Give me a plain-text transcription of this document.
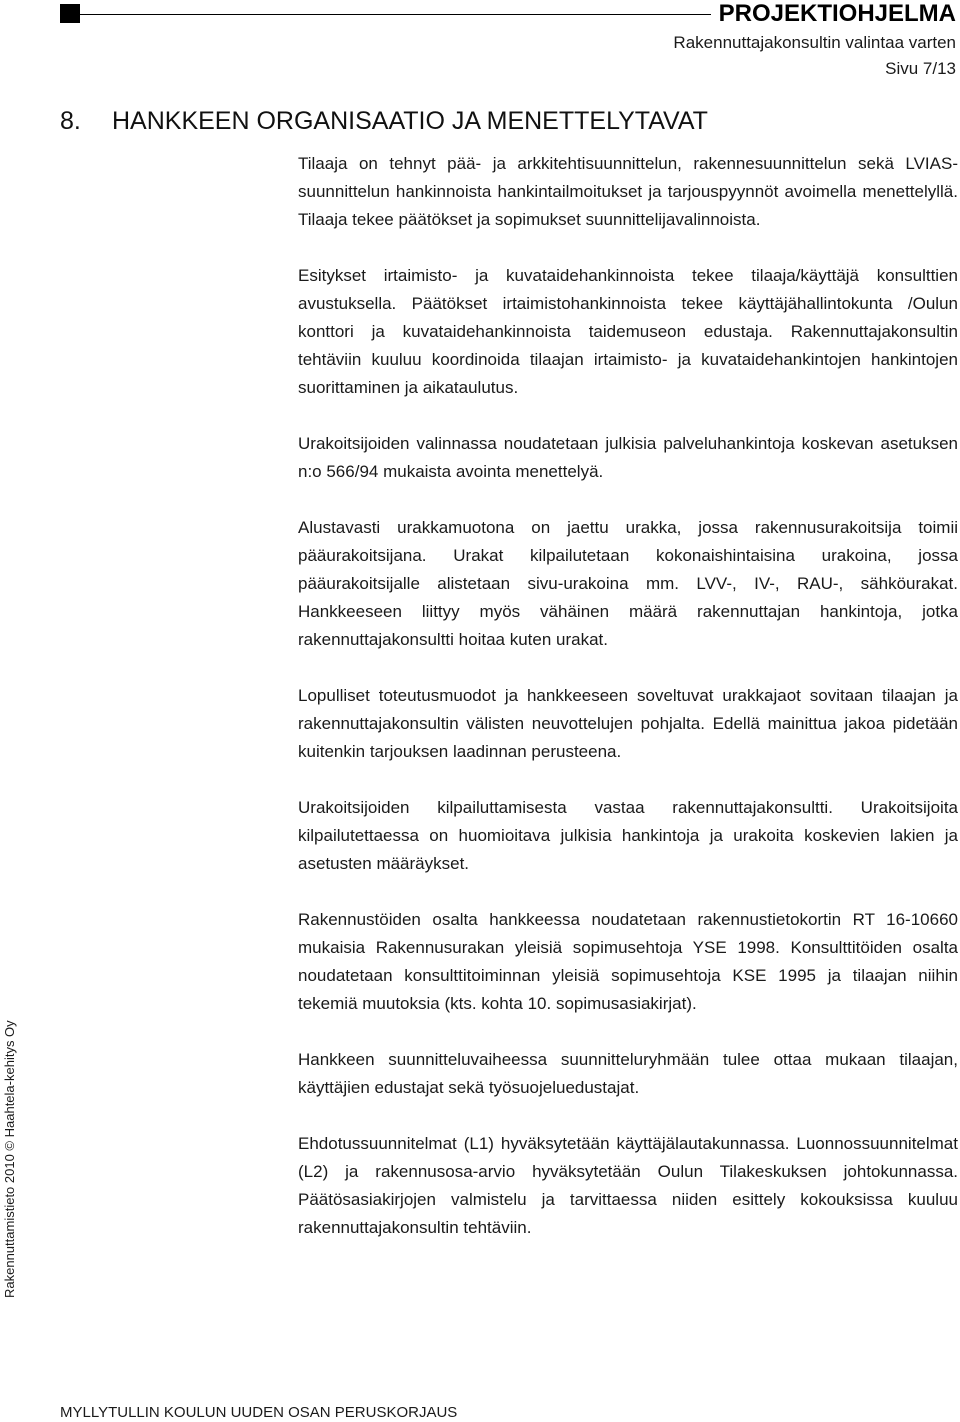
PROJEKTIOHJELMA
Rakennuttajakonsultin valintaa varten
Sivu 7/13
8. HANKKEEN ORGANISAATIO JA MENETTELYTAVAT

Tilaaja on tehnyt pää- ja arkkitehtisuunnittelun, rakennesuunnittelun sekä LVIAS-suunnittelun hankinnoista hankintailmoitukset ja tarjouspyynnöt avoimella menettelyllä. Tilaaja tekee päätökset ja sopimukset suunnittelijavalinnoista.

Esitykset irtaimisto- ja kuvataidehankinnoista tekee tilaaja/käyttäjä konsulttien avustuksella. Päätökset irtaimistohankinnoista tekee käyttäjähallintokunta /Oulun konttori ja kuvataidehankinnoista taidemuseon edustaja. Rakennuttajakonsultin tehtäviin kuuluu koordinoida tilaajan irtaimisto- ja kuvataidehankintojen hankintojen suorittaminen ja aikataulutus.

Urakoitsijoiden valinnassa noudatetaan julkisia palveluhankintoja koskevan asetuksen n:o 566/94 mukaista avointa menettelyä.

Alustavasti urakkamuotona on jaettu urakka, jossa rakennusurakoitsija toimii pääurakoitsijana. Urakat kilpailutetaan kokonaishintaisina urakoina, jossa pääurakoitsijalle alistetaan sivu-urakoina mm. LVV-, IV-, RAU-, sähköurakat. Hankkeeseen liittyy myös vähäinen määrä rakennuttajan hankintoja, jotka rakennuttajakonsultti hoitaa kuten urakat.

Lopulliset toteutusmuodot ja hankkeeseen soveltuvat urakkajaot sovitaan tilaajan ja rakennuttajakonsultin välisten neuvottelujen pohjalta. Edellä mainittua jakoa pidetään kuitenkin tarjouksen laadinnan perusteena.

Urakoitsijoiden kilpailuttamisesta vastaa rakennuttajakonsultti. Urakoitsijoita kilpailutettaessa on huomioitava julkisia hankintoja ja urakoita koskevien lakien ja asetusten määräykset.

Rakennustöiden osalta hankkeessa noudatetaan rakennustietokortin RT 16-10660 mukaisia Rakennusurakan yleisiä sopimusehtoja YSE 1998. Konsulttitöiden osalta noudatetaan konsulttitoiminnan yleisiä sopimusehtoja KSE 1995 ja tilaajan niihin tekemiä muutoksia (kts. kohta 10. sopimusasiakirjat).

Hankkeen suunnitteluvaiheessa suunnitteluryhmään tulee ottaa mukaan tilaajan, käyttäjien edustajat sekä työsuojeluedustajat.

Ehdotussuunnitelmat (L1) hyväksytetään käyttäjälautakunnassa. Luonnossuunnitelmat (L2) ja rakennusosa-arvio hyväksytetään Oulun Tilakeskuksen johtokunnassa. Päätösasiakirjojen valmistelu ja tarvittaessa niiden esittely kokouksissa kuuluu rakennuttajakonsultin tehtäviin.

Rakennuttamistieto 2010 © Haahtela-kehitys Oy
MYLLYTULLIN KOULUN UUDEN OSAN PERUSKORJAUS
